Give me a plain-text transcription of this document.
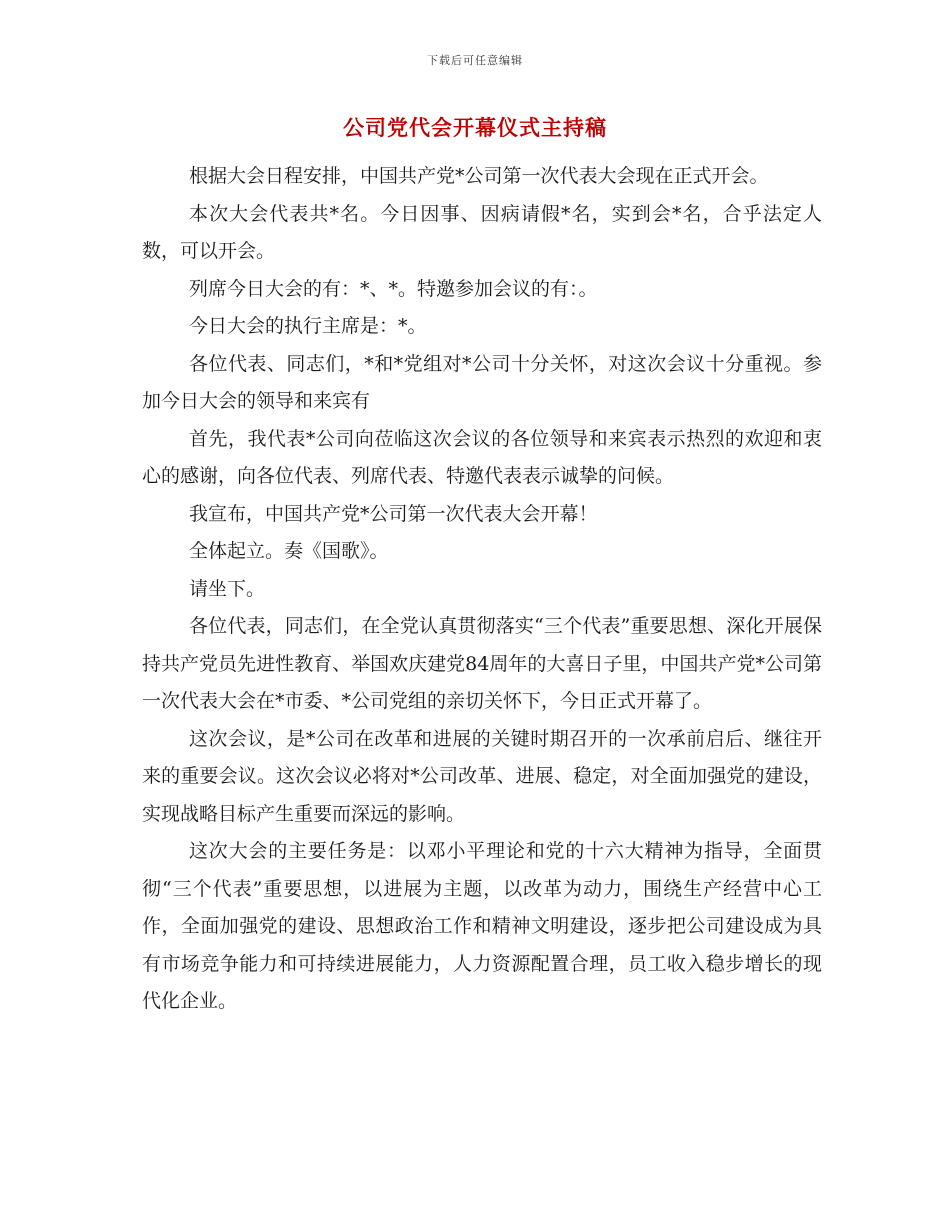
下载后可任意编辑
公司党代会开幕仪式主持稿

根据大会日程安排，中国共产党*公司第一次代表大会现在正式开会。

本次大会代表共*名。今日因事、因病请假*名，实到会*名，合乎法定人数，可以开会。

列席今日大会的有：*、*。特邀参加会议的有：。

今日大会的执行主席是：*。

各位代表、同志们，*和*党组对*公司十分关怀，对这次会议十分重视。参加今日大会的领导和来宾有

首先，我代表*公司向莅临这次会议的各位领导和来宾表示热烈的欢迎和衷心的感谢，向各位代表、列席代表、特邀代表表示诚挚的问候。

我宣布，中国共产党*公司第一次代表大会开幕！

全体起立。奏《国歌》。

请坐下。

各位代表，同志们，在全党认真贯彻落实“三个代表”重要思想、深化开展保持共产党员先进性教育、举国欢庆建党84周年的大喜日子里，中国共产党*公司第一次代表大会在*市委、*公司党组的亲切关怀下，今日正式开幕了。

这次会议，是*公司在改革和进展的关键时期召开的一次承前启后、继往开来的重要会议。这次会议必将对*公司改革、进展、稳定，对全面加强党的建设，实现战略目标产生重要而深远的影响。

这次大会的主要任务是：以邓小平理论和党的十六大精神为指导，全面贯彻“三个代表”重要思想，以进展为主题，以改革为动力，围绕生产经营中心工作，全面加强党的建设、思想政治工作和精神文明建设，逐步把公司建设成为具有市场竞争能力和可持续进展能力，人力资源配置合理，员工收入稳步增长的现代化企业。
